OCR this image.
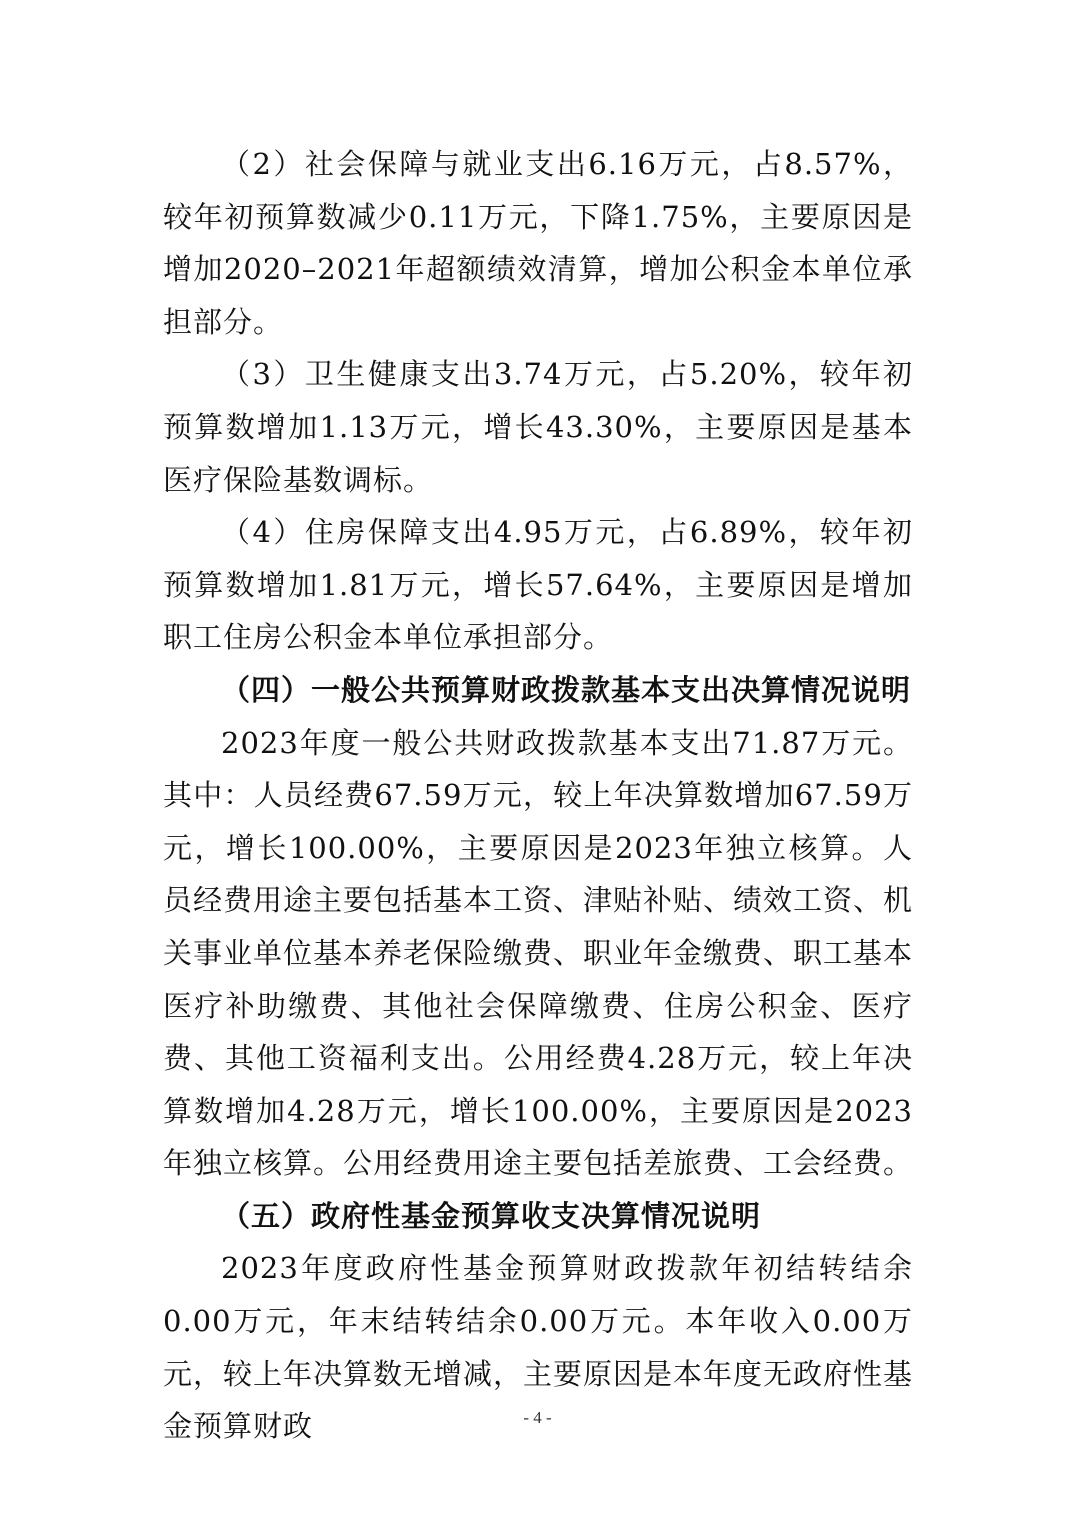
（2）社会保障与就业支出6.16万元，占8.57%，较年初预算数减少0.11万元，下降1.75%，主要原因是增加2020–2021年超额绩效清算，增加公积金本单位承担部分。

（3）卫生健康支出3.74万元，占5.20%，较年初预算数增加1.13万元，增长43.30%，主要原因是基本医疗保险基数调标。

（4）住房保障支出4.95万元，占6.89%，较年初预算数增加1.81万元，增长57.64%，主要原因是增加职工住房公积金本单位承担部分。

（四）一般公共预算财政拨款基本支出决算情况说明

2023年度一般公共财政拨款基本支出71.87万元。其中：人员经费67.59万元，较上年决算数增加67.59万元，增长100.00%，主要原因是2023年独立核算。人员经费用途主要包括基本工资、津贴补贴、绩效工资、机关事业单位基本养老保险缴费、职业年金缴费、职工基本医疗补助缴费、其他社会保障缴费、住房公积金、医疗费、其他工资福利支出。公用经费4.28万元，较上年决算数增加4.28万元，增长100.00%，主要原因是2023年独立核算。公用经费用途主要包括差旅费、工会经费。

（五）政府性基金预算收支决算情况说明

2023年度政府性基金预算财政拨款年初结转结余0.00万元，年末结转结余0.00万元。本年收入0.00万元，较上年决算数无增减，主要原因是本年度无政府性基金预算财政	- 4 -
